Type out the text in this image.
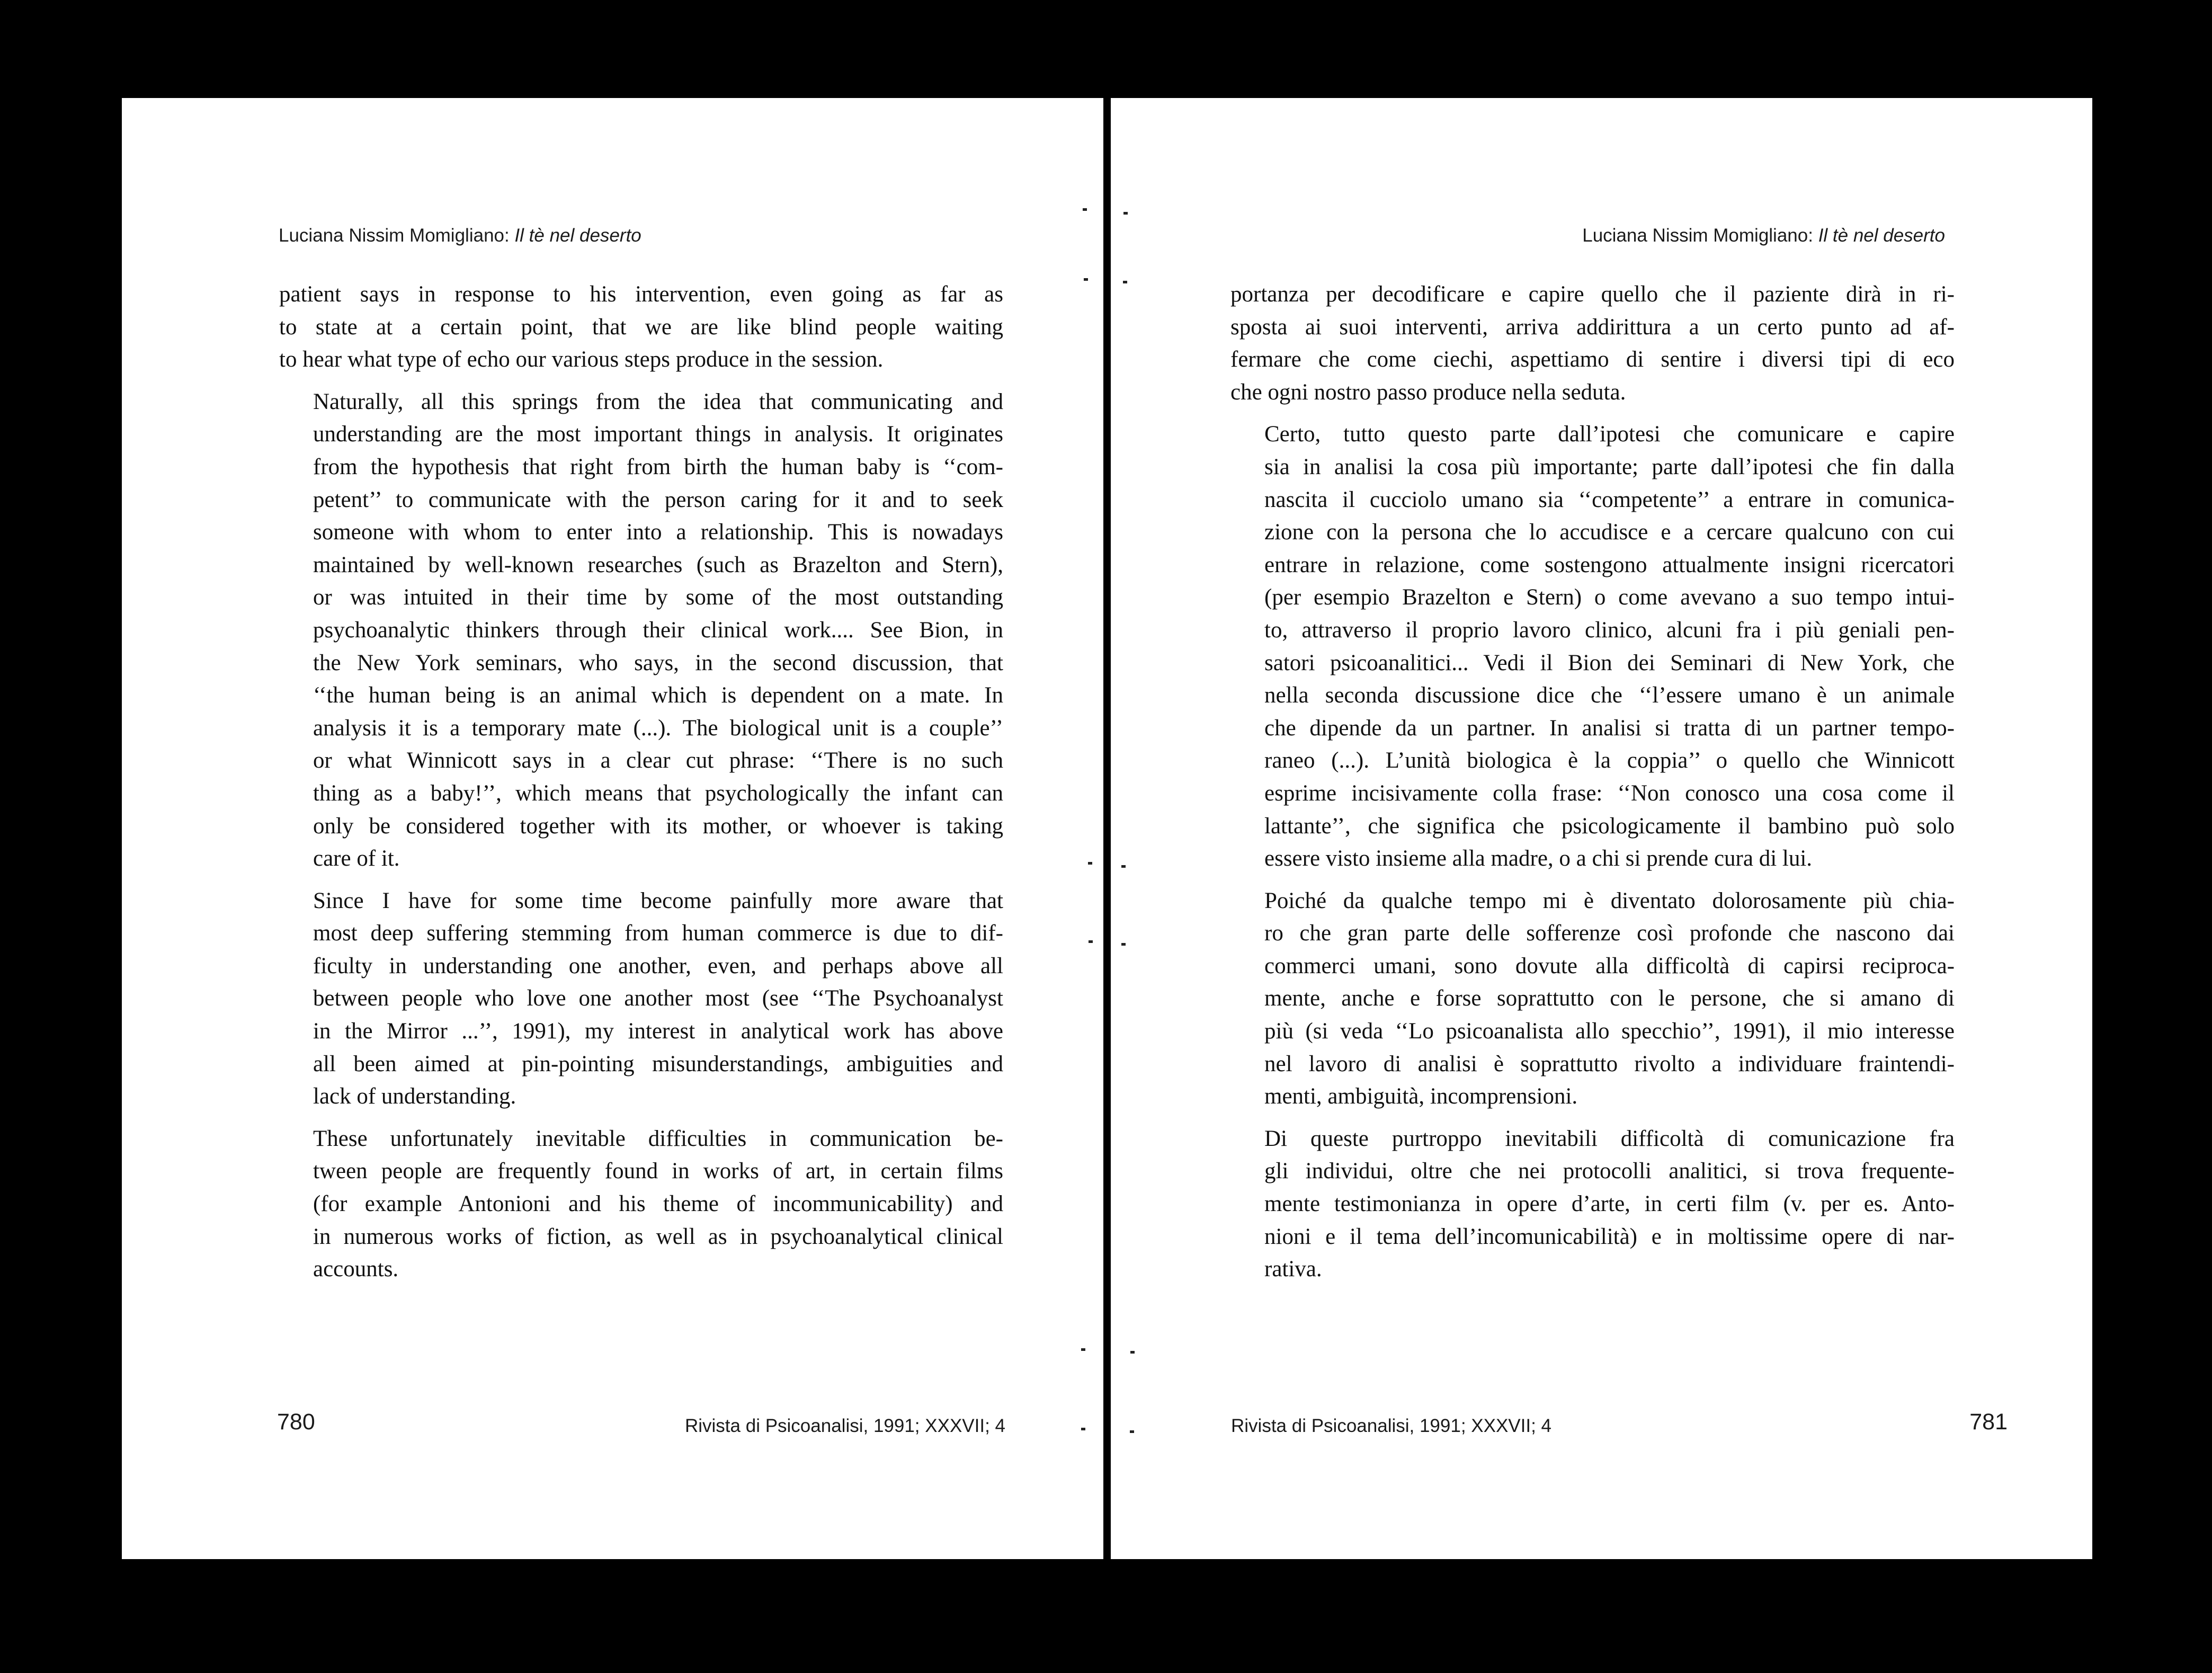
Luciana Nissim Momigliano: Il tè nel deserto
patient says in response to his intervention, even going as far as
to state at a certain point, that we are like blind people waiting
to hear what type of echo our various steps produce in the session.
Naturally, all this springs from the idea that communicating and
understanding are the most important things in analysis. It originates
from the hypothesis that right from birth the human baby is ‘‘com-
petent’’ to communicate with the person caring for it and to seek
someone with whom to enter into a relationship. This is nowadays
maintained by well-known researches (such as Brazelton and Stern),
or was intuited in their time by some of the most outstanding
psychoanalytic thinkers through their clinical work.... See Bion, in
the New York seminars, who says, in the second discussion, that
‘‘the human being is an animal which is dependent on a mate. In
analysis it is a temporary mate (...). The biological unit is a couple’’
or what Winnicott says in a clear cut phrase: ‘‘There is no such
thing as a baby!’’, which means that psychologically the infant can
only be considered together with its mother, or whoever is taking
care of it.
Since I have for some time become painfully more aware that
most deep suffering stemming from human commerce is due to dif-
ficulty in understanding one another, even, and perhaps above all
between people who love one another most (see ‘‘The Psychoanalyst
in the Mirror ...’’, 1991), my interest in analytical work has above
all been aimed at pin-pointing misunderstandings, ambiguities and
lack of understanding.
These unfortunately inevitable difficulties in communication be-
tween people are frequently found in works of art, in certain films
(for example Antonioni and his theme of incommunicability) and
in numerous works of fiction, as well as in psychoanalytical clinical
accounts.
780	Rivista di Psicoanalisi, 1991; XXXVII; 4
Luciana Nissim Momigliano: Il tè nel deserto
portanza per decodificare e capire quello che il paziente dirà in ri-
sposta ai suoi interventi, arriva addirittura a un certo punto ad af-
fermare che come ciechi, aspettiamo di sentire i diversi tipi di eco
che ogni nostro passo produce nella seduta.
Certo, tutto questo parte dall’ipotesi che comunicare e capire
sia in analisi la cosa più importante; parte dall’ipotesi che fin dalla
nascita il cucciolo umano sia ‘‘competente’’ a entrare in comunica-
zione con la persona che lo accudisce e a cercare qualcuno con cui
entrare in relazione, come sostengono attualmente insigni ricercatori
(per esempio Brazelton e Stern) o come avevano a suo tempo intui-
to, attraverso il proprio lavoro clinico, alcuni fra i più geniali pen-
satori psicoanalitici... Vedi il Bion dei Seminari di New York, che
nella seconda discussione dice che ‘‘l’essere umano è un animale
che dipende da un partner. In analisi si tratta di un partner tempo-
raneo (...). L’unità biologica è la coppia’’ o quello che Winnicott
esprime incisivamente colla frase: ‘‘Non conosco una cosa come il
lattante’’, che significa che psicologicamente il bambino può solo
essere visto insieme alla madre, o a chi si prende cura di lui.
Poiché da qualche tempo mi è diventato dolorosamente più chia-
ro che gran parte delle sofferenze così profonde che nascono dai
commerci umani, sono dovute alla difficoltà di capirsi reciproca-
mente, anche e forse soprattutto con le persone, che si amano di
più (si veda ‘‘Lo psicoanalista allo specchio’’, 1991), il mio interesse
nel lavoro di analisi è soprattutto rivolto a individuare fraintendi-
menti, ambiguità, incomprensioni.
Di queste purtroppo inevitabili difficoltà di comunicazione fra
gli individui, oltre che nei protocolli analitici, si trova frequente-
mente testimonianza in opere d’arte, in certi film (v. per es. Anto-
nioni e il tema dell’incomunicabilità) e in moltissime opere di nar-
rativa.
Rivista di Psicoanalisi, 1991; XXXVII; 4	781
